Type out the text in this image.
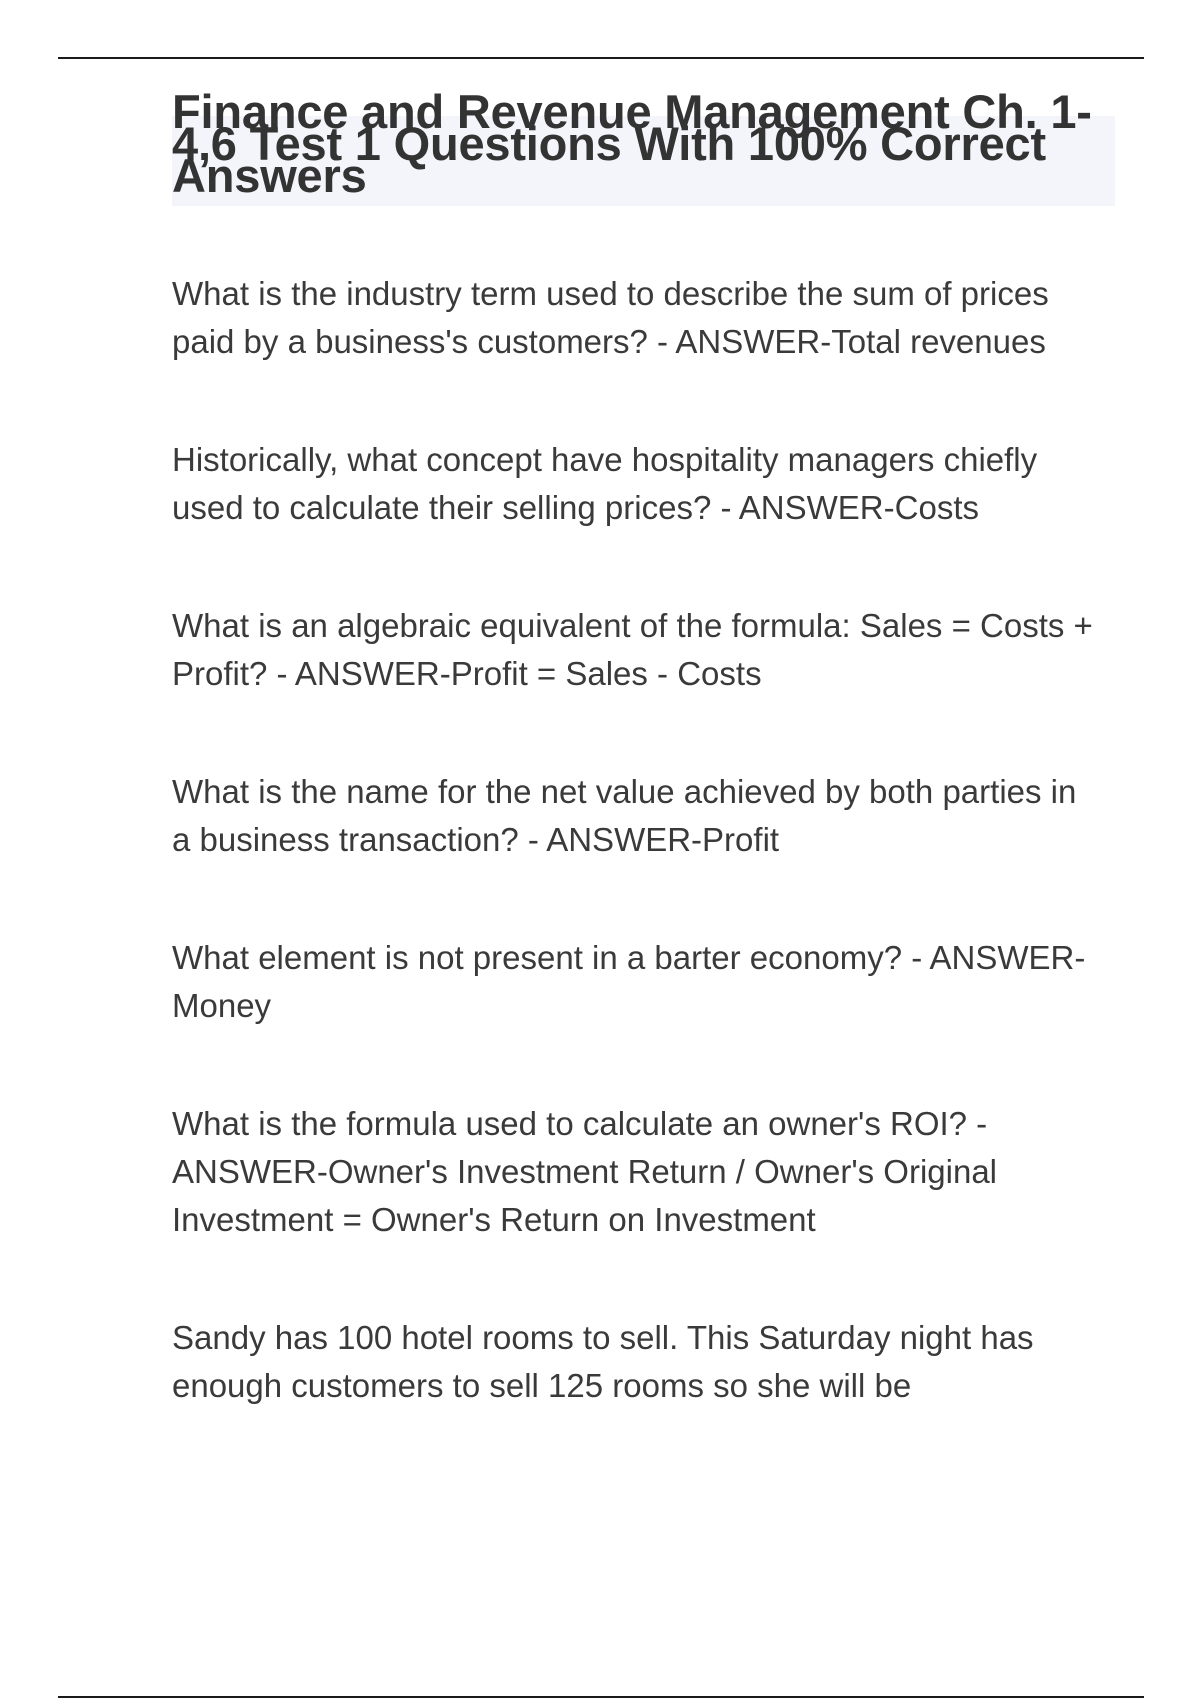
Finance and Revenue Management Ch. 1-4,6 Test 1 Questions With 100% Correct Answers

What is the industry term used to describe the sum of prices paid by a business's customers? - ANSWER-Total revenues

Historically, what concept have hospitality managers chiefly used to calculate their selling prices? - ANSWER-Costs

What is an algebraic equivalent of the formula: Sales = Costs + Profit? - ANSWER-Profit = Sales - Costs

What is the name for the net value achieved by both parties in a business transaction? - ANSWER-Profit

What element is not present in a barter economy? - ANSWER-Money

What is the formula used to calculate an owner's ROI? - ANSWER-Owner's Investment Return / Owner's Original Investment = Owner's Return on Investment

Sandy has 100 hotel rooms to sell. This Saturday night has enough customers to sell 125 rooms so she will be
